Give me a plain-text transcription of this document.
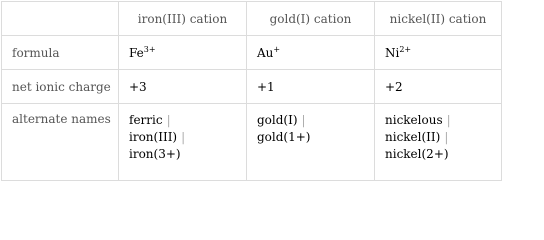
	iron(III) cation	gold(I) cation	nickel(II) cation
formula	$Fe^{3+}$	Au+	$Ni^{2+}$
net ionic charge	+3	+1	+2
alternate names	ferric |
iron(III) |
iron(3+)	gold(I) |
gold(1+)	nickelous |
nickel(II) |
nickel(2+)
